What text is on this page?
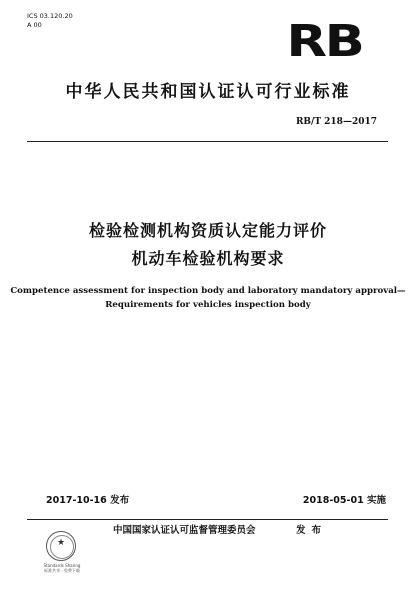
ICS 03.120.20
A 00	RB
中华人民共和国认证认可行业标准
RB/T 218—2017
检验检测机构资质认定能力评价
机动车检验机构要求
Competence assessment for inspection body and laboratory mandatory approval—
Requirements for vehicles inspection body
2017-10-16 发布	2018-05-01 实施
★
Standards Sharing
标准共享 · 免费下载
中国国家认证认可监督管理委员会	发布
